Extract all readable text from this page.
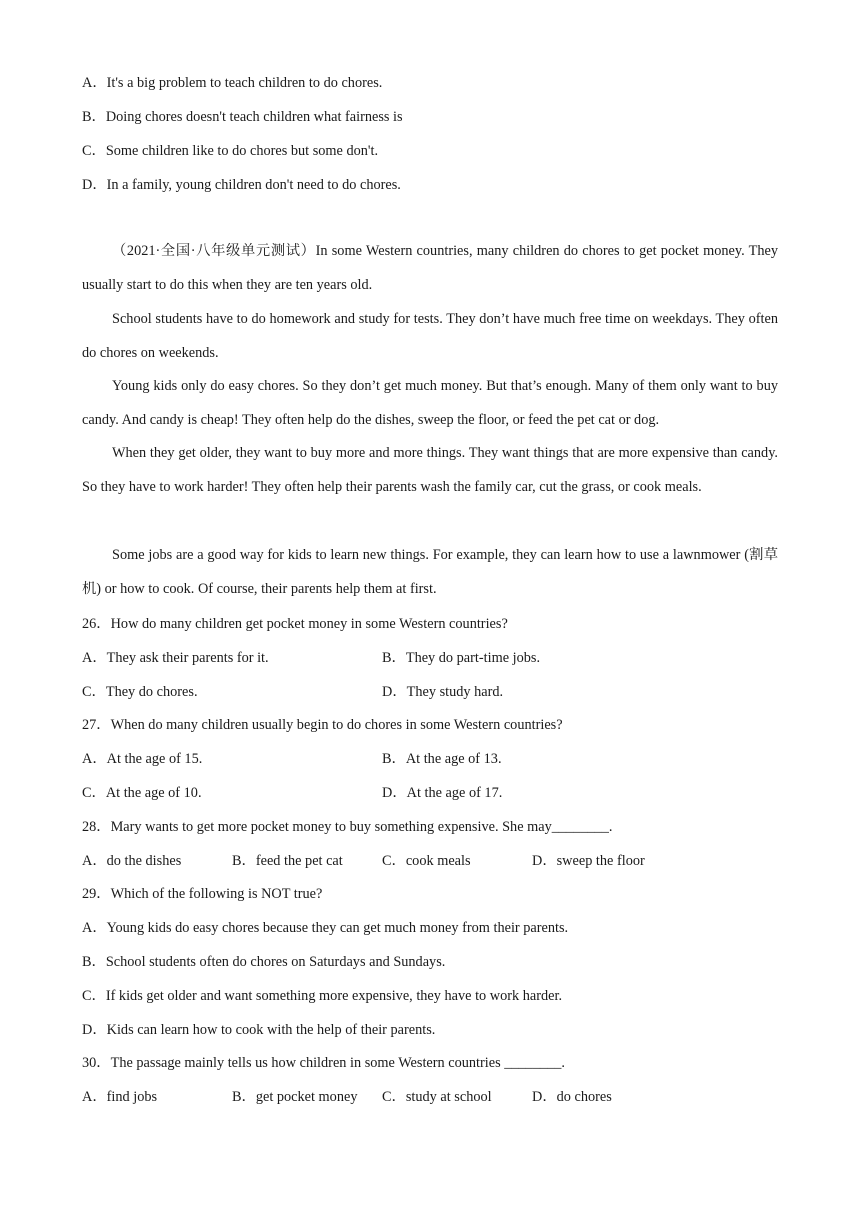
A．It's a big problem to teach children to do chores.
B．Doing chores doesn't teach children what fairness is
C．Some children like to do chores but some don't.
D．In a family, young children don't need to do chores.

（2021·全国·八年级单元测试）In some Western countries, many children do chores to get pocket money. They usually start to do this when they are ten years old.

School students have to do homework and study for tests. They don’t have much free time on weekdays. They often do chores on weekends.

Young kids only do easy chores. So they don’t get much money. But that’s enough. Many of them only want to buy candy. And candy is cheap! They often help do the dishes, sweep the floor, or feed the pet cat or dog.

When they get older, they want to buy more and more things. They want things that are more expensive than candy. So they have to work harder! They often help their parents wash the family car, cut the grass, or cook meals.

Some jobs are a good way for kids to learn new things. For example, they can learn how to use a lawnmower (割草机) or how to cook. Of course, their parents help them at first.

26．How do many children get pocket money in some Western countries?
A．They ask their parents for it.	B．They do part-time jobs.
C．They do chores.	D．They study hard.
27．When do many children usually begin to do chores in some Western countries?
A．At the age of 15.	B．At the age of 13.
C．At the age of 10.	D．At the age of 17.
28．Mary wants to get more pocket money to buy something expensive. She may________.
A．do the dishes	B．feed the pet cat	C．cook meals	D．sweep the floor
29．Which of the following is NOT true?
A．Young kids do easy chores because they can get much money from their parents.
B．School students often do chores on Saturdays and Sundays.
C．If kids get older and want something more expensive, they have to work harder.
D．Kids can learn how to cook with the help of their parents.
30．The passage mainly tells us how children in some Western countries ________.
A．find jobs	B．get pocket money C．study at school	D．do chores
